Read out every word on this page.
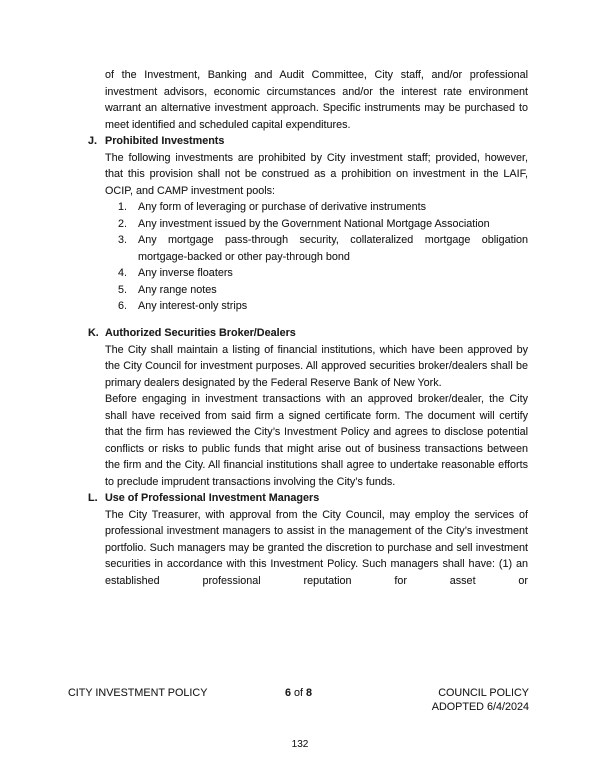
of the Investment, Banking and Audit Committee, City staff, and/or professional investment advisors, economic circumstances and/or the interest rate environment warrant an alternative investment approach. Specific instruments may be purchased to meet identified and scheduled capital expenditures.

J. Prohibited Investments

The following investments are prohibited by City investment staff; provided, however, that this provision shall not be construed as a prohibition on investment in the LAIF, OCIP, and CAMP investment pools:

1.	Any form of leveraging or purchase of derivative instruments
2.	Any investment issued by the Government National Mortgage Association
3.	Any mortgage pass-through security, collateralized mortgage obligation mortgage-backed or other pay-through bond
4.	Any inverse floaters
5.	Any range notes
6.	Any interest-only strips
K. Authorized Securities Broker/Dealers

The City shall maintain a listing of financial institutions, which have been approved by the City Council for investment purposes. All approved securities broker/dealers shall be primary dealers designated by the Federal Reserve Bank of New York.

Before engaging in investment transactions with an approved broker/dealer, the City shall have received from said firm a signed certificate form. The document will certify that the firm has reviewed the City’s Investment Policy and agrees to disclose potential conflicts or risks to public funds that might arise out of business transactions between the firm and the City. All financial institutions shall agree to undertake reasonable efforts to preclude imprudent transactions involving the City’s funds.

L. Use of Professional Investment Managers

The City Treasurer, with approval from the City Council, may employ the services of professional investment managers to assist in the management of the City’s investment portfolio. Such managers may be granted the discretion to purchase and sell investment securities in accordance with this Investment Policy. Such managers shall have: (1) an established professional reputation for asset or

CITY INVESTMENT POLICY	6 of 8	COUNCIL POLICY
ADOPTED 6/4/2024
132
